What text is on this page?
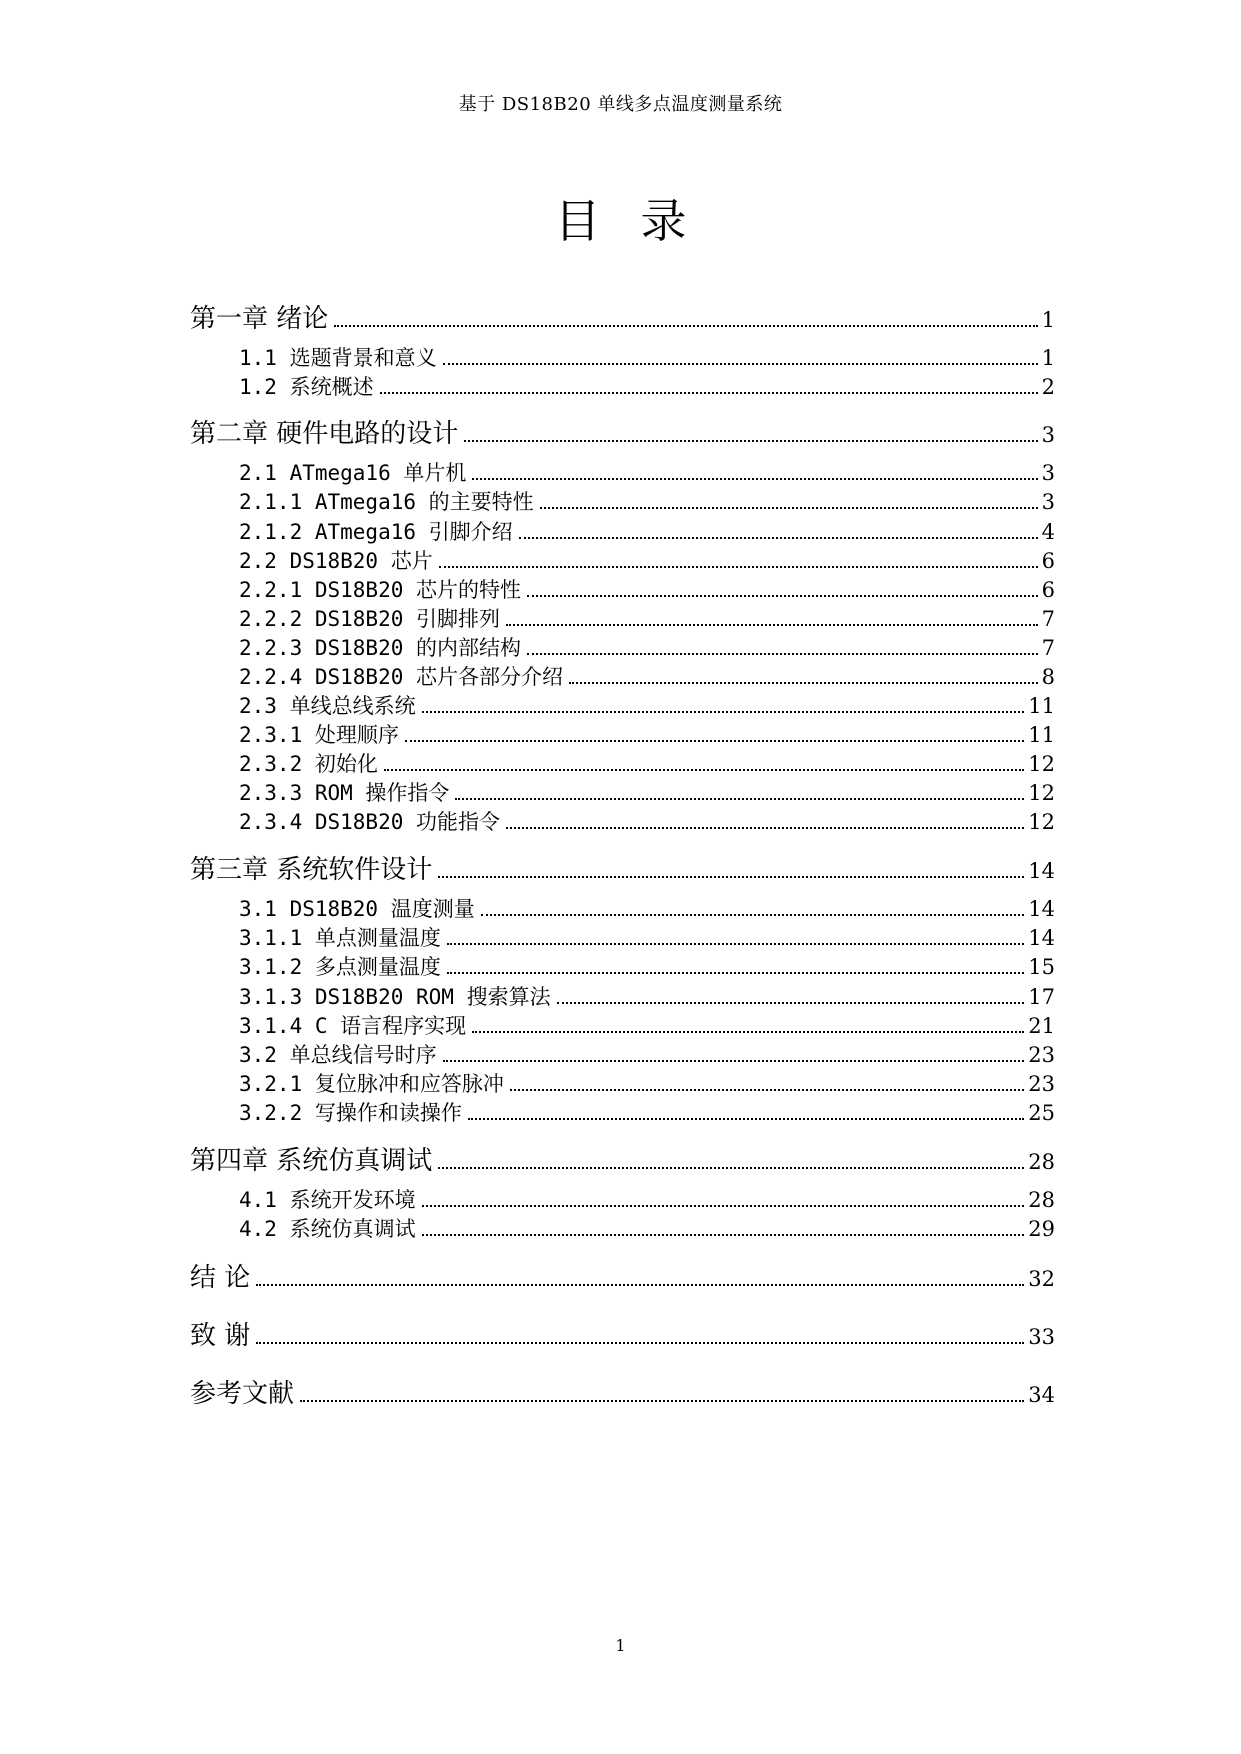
基于 DS18B20 单线多点温度测量系统
目录
第一章 绪论	1
1.1 选题背景和意义	1
1.2 系统概述	2
第二章 硬件电路的设计	3
2.1 ATmega16 单片机	3
2.1.1 ATmega16 的主要特性	3
2.1.2 ATmega16 引脚介绍	4
2.2 DS18B20 芯片	6
2.2.1 DS18B20 芯片的特性	6
2.2.2 DS18B20 引脚排列	7
2.2.3 DS18B20 的内部结构	7
2.2.4 DS18B20 芯片各部分介绍	8
2.3 单线总线系统	11
2.3.1 处理顺序	11
2.3.2 初始化	12
2.3.3 ROM 操作指令	12
2.3.4 DS18B20 功能指令	12
第三章 系统软件设计	14
3.1 DS18B20 温度测量	14
3.1.1 单点测量温度	14
3.1.2 多点测量温度	15
3.1.3 DS18B20 ROM 搜索算法	17
3.1.4 C 语言程序实现	21
3.2 单总线信号时序	23
3.2.1 复位脉冲和应答脉冲	23
3.2.2 写操作和读操作	25
第四章 系统仿真调试	28
4.1 系统开发环境	28
4.2 系统仿真调试	29
结 论	32
致 谢	33
参考文献	34
1
